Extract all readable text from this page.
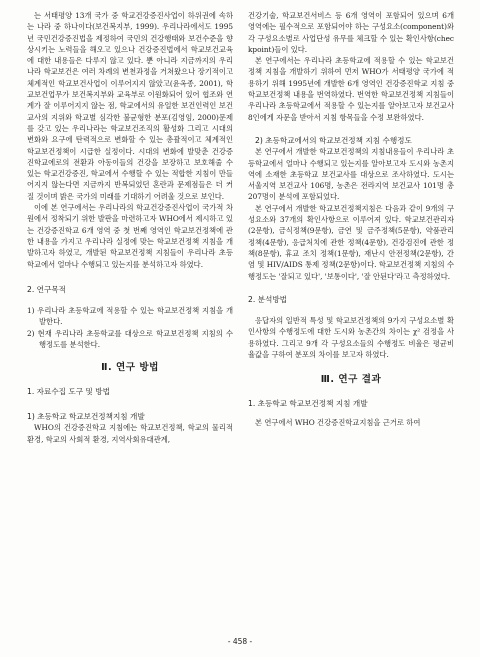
는 서태평양 13개 국가 중 학교건강증진사업이 하위권에 속하는 나라 중 하나이다(보건복지부, 1999). 우리나라에서도 1995년 국민건강증진법을 제정하여 국민의 건강행태와 보건수준을 향상시키는 노력들을 해오고 있으나 건강증진법에서 학교보건교육에 대한 내용들은 다루지 않고 있다. 뿐 아니라 지금까지의 우리나라 학교보건은 여러 차례의 변천과정을 거쳐왔으나 장기적이고 체계적인 학교보건사업이 이루어지지 않았고(윤옥종, 2001), 학교보건업무가 보건복지부와 교육부로 이원화되어 있어 협조와 연계가 잘 이루어지지 않는 점, 학교에서의 유일한 보건인력인 보건교사의 지위와 학교별 심각한 불균형한 분포(김영임, 2000)문제를 갖고 있는 우리나라는 학교보건조직의 활성화 그리고 시대의 변화와 요구에 탄력적으로 변화할 수 있는 총괄적이고 체계적인 학교보건정책이 시급한 실정이다. 시대의 변화에 발맞춘 건강증진학교에로의 전환과 아동이들의 건강을 보장하고 보호해줄 수 있는 학교건강증진, 학교에서 수행할 수 있는 적합한 지침이 만들어지지 않는다면 지금까지 반복되었던 혼란과 문제점들은 더 커질 것이며 밝은 국가의 미래를 기대하기 어려울 것으로 보인다.

이에 본 연구에서는 우리나라의 학교건강증진사업이 국가적 차원에서 정착되기 위한 발판을 마련하고자 WHO에서 제시하고 있는 건강증진학교 6개 영역 중 첫 번째 영역인 학교보건정책에 관한 내용을 가지고 우리나라 실정에 맞는 학교보건정책 지침을 개발하고자 하였고, 개발된 학교보건정책 지침들이 우리나라 초등학교에서 얼마나 수행되고 있는지를 분석하고자 하였다.

2. 연구목적

1) 우리나라 초등학교에 적용할 수 있는 학교보건정책 지침을 개발한다.

2) 현재 우리나라 초등학교를 대상으로 학교보건정책 지침의 수행정도를 분석한다.

Ⅱ. 연구 방법

1. 자료수집 도구 및 방법

1) 초등학교 학교보건정책지침 개발

WHO의 건강증진학교 지침에는 학교보건정책, 학교의 물리적 환경, 학교의 사회적 환경, 지역사회유대관계,

건강기술, 학교보건서비스 등 6개 영역이 포함되어 있으며 6개 영역에는 필수적으로 포함되어야 하는 구성요소(component)와 각 구성요소별로 사업단성 유무를 체크할 수 있는 확인사항(checkpoint)들이 있다.

본 연구에서는 우리나라 초등학교에 적용할 수 있는 학교보건정책 지침을 개발하기 위하여 먼저 WHO가 서태평양 국가에 적용하기 위해 1995년에 개발한 6개 영역인 건강증진학교 지침 중 학교보건정책 내용을 번역하였다. 번역한 학교보건정책 지침들이 우리나라 초등학교에서 적용할 수 있는지를 알아보고자 보건교사 8인에게 자문을 받아서 지침 항목들을 수정 보완하였다.

2) 초등학교에서의 학교보건정책 지침 수행정도

본 연구에서 개발한 학교보건정책의 지침내용들이 우리나라 초등학교에서 얼마나 수행되고 있는지를 알아보고자 도시와 농촌지역에 소재한 초등학교 보건교사를 대상으로 조사하였다. 도시는 서울지역 보건교사 106명, 농촌은 전라지역 보건교사 101명 총 207명이 분석에 포함되었다.

본 연구에서 개발한 학교보건정책지침은 다음과 같이 9개의 구성요소와 37개의 확인사항으로 이루어져 있다. 학교보건관리자(2문항), 금식정책(9문항), 금연 및 금주정책(5문항), 약품관리 정책(4문항), 응급처치에 관한 정책(4문항), 건강검진에 관한 정책(8문항), 휴교 조치 정책(1문항), 재난시 안전정책(2문항), 간염 및 HIV/AIDS 통제 정책(2문항)이다. 학교보건정책 지침의 수행정도는 '잘되고 있다', '보통이다', '잘 안된다'라고 측정하였다.

2. 분석방법

응답자의 일반적 특성 및 학교보건정책의 9가지 구성요소별 확인사항의 수행정도에 대한 도시와 농촌간의 차이는 χ² 검정을 사용하였다. 그리고 9개 각 구성요소들의 수행정도 비율은 평균비율값을 구하여 분포의 차이를 보고자 하였다.

Ⅲ. 연구 결과

1. 초등학교 학교보건정책 지침 개발

본 연구에서 WHO 건강증진학교지침을 근거로 하여

- 458 -
